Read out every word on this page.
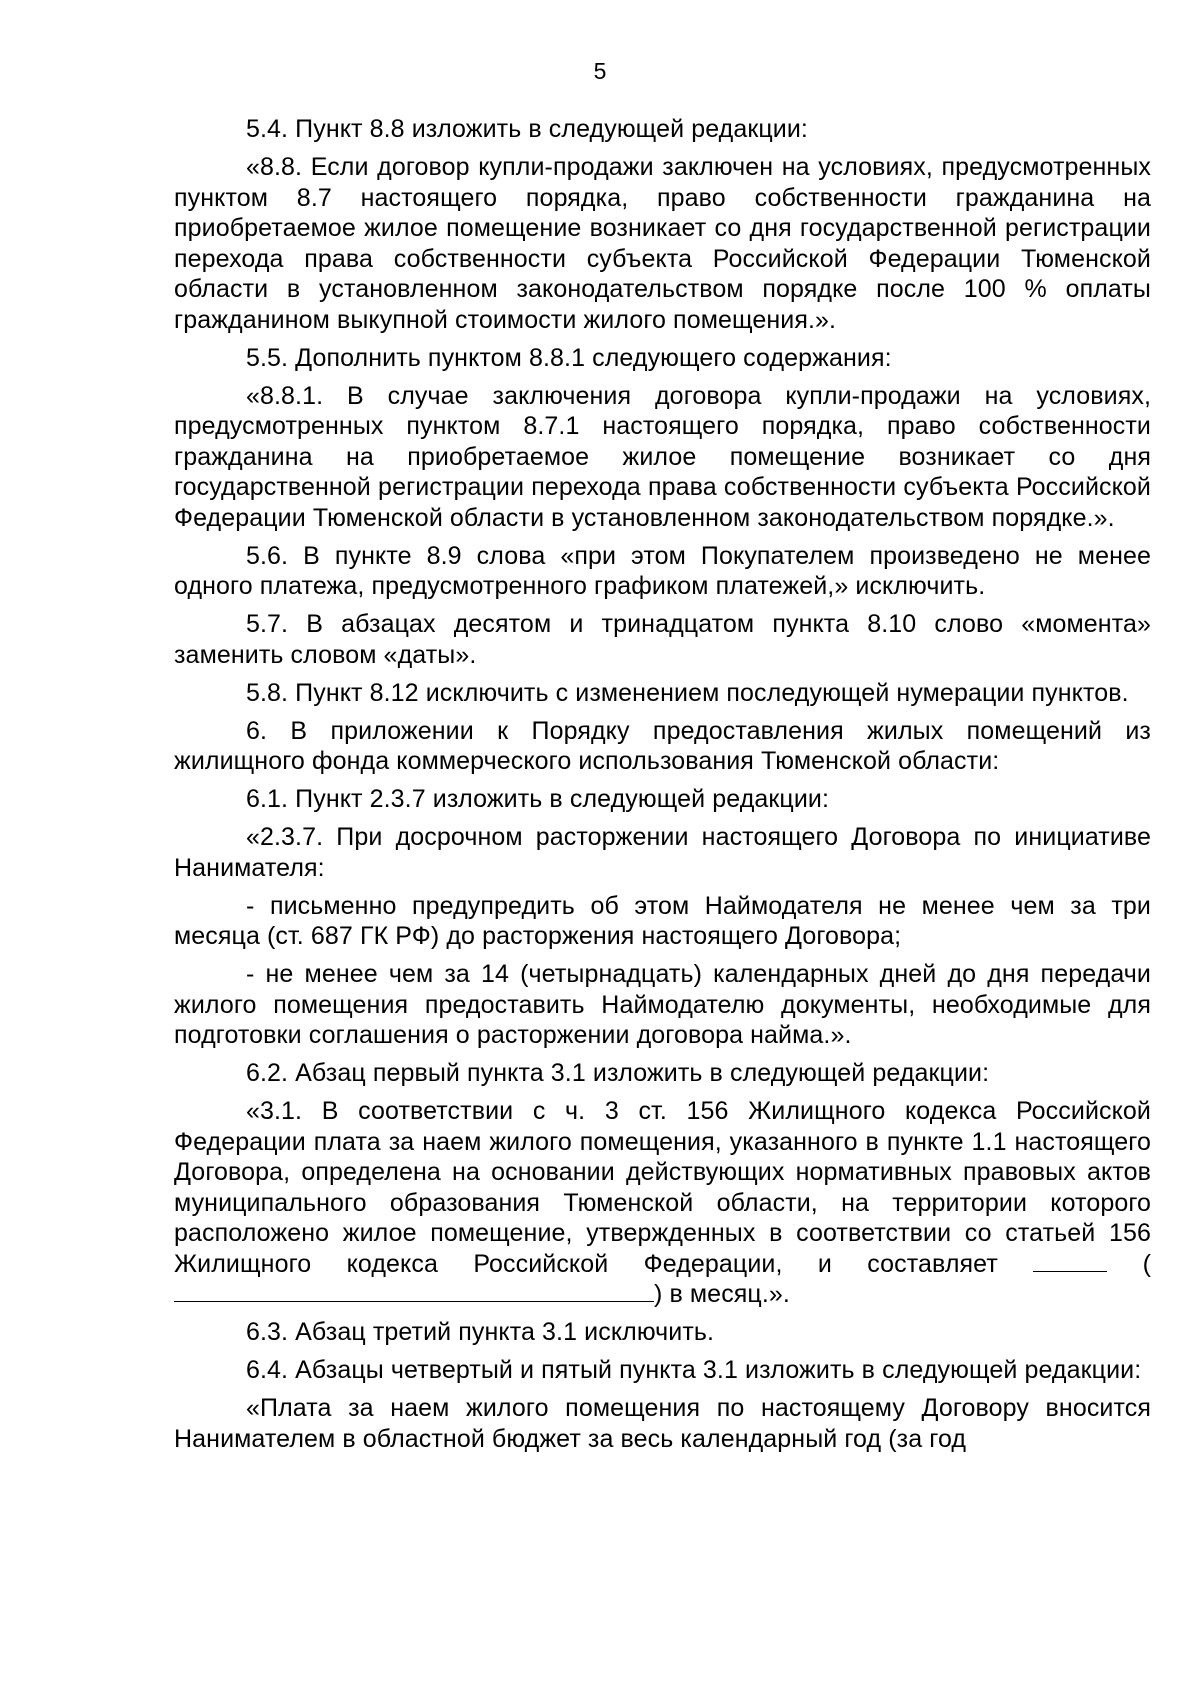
5

5.4. Пункт 8.8 изложить в следующей редакции:

«8.8. Если договор купли-продажи заключен на условиях, предусмотренных пунктом 8.7 настоящего порядка, право собственности гражданина на приобретаемое жилое помещение возникает со дня государственной регистрации перехода права собственности субъекта Российской Федерации Тюменской области в установленном законодательством порядке после 100 % оплаты гражданином выкупной стоимости жилого помещения.».

5.5. Дополнить пунктом 8.8.1 следующего содержания:

«8.8.1. В случае заключения договора купли-продажи на условиях, предусмотренных пунктом 8.7.1 настоящего порядка, право собственности гражданина на приобретаемое жилое помещение возникает со дня государственной регистрации перехода права собственности субъекта Российской Федерации Тюменской области в установленном законодательством порядке.».

5.6. В пункте 8.9 слова «при этом Покупателем произведено не менее одного платежа, предусмотренного графиком платежей,» исключить.

5.7. В абзацах десятом и тринадцатом пункта 8.10 слово «момента» заменить словом «даты».

5.8. Пункт 8.12 исключить с изменением последующей нумерации пунктов.

6. В приложении к Порядку предоставления жилых помещений из жилищного фонда коммерческого использования Тюменской области:

6.1. Пункт 2.3.7 изложить в следующей редакции:

«2.3.7. При досрочном расторжении настоящего Договора по инициативе Нанимателя:

- письменно предупредить об этом Наймодателя не менее чем за три месяца (ст. 687 ГК РФ) до расторжения настоящего Договора;

- не менее чем за 14 (четырнадцать) календарных дней до дня передачи жилого помещения предоставить Наймодателю документы, необходимые для подготовки соглашения о расторжении договора найма.».

6.2. Абзац первый пункта 3.1 изложить в следующей редакции:

«3.1. В соответствии с ч. 3 ст. 156 Жилищного кодекса Российской Федерации плата за наем жилого помещения, указанного в пункте 1.1 настоящего Договора, определена на основании действующих нормативных правовых актов муниципального образования Тюменской области, на территории которого расположено жилое помещение, утвержденных в соответствии со статьей 156 Жилищного кодекса Российской Федерации, и составляет	() в месяц.».

6.3. Абзац третий пункта 3.1 исключить.

6.4. Абзацы четвертый и пятый пункта 3.1 изложить в следующей редакции:

«Плата за наем жилого помещения по настоящему Договору вносится Нанимателем в областной бюджет за весь календарный год (за год
